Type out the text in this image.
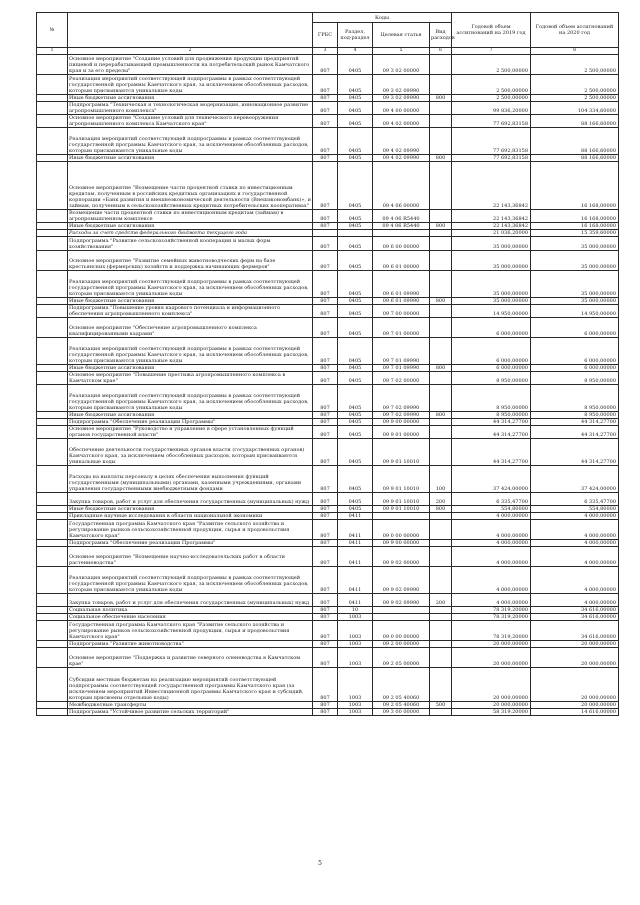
№		Коды				Годовой объем ассигнований на 2019 год	Годовой объем ассигнований на 2020 год
		ГРБС	Раздел, под-раздел	Целевая статья	Вид расходов		
1	2	3	4	5	6	7	8
	Основное мероприятие "Создание условий для продвижения продукции предприятий пищевой и перерабатывающей промышленности на потребительский рынок Камчатского края и за его пределы"	807	0405	09 3 02 00000		2 500,00000	2 500,00000
	Реализация мероприятий соответствующей подпрограммы в рамках соответствующей государственной программы Камчатского края, за исключением обособленных расходов, которым присваиваются уникальные коды	807	0405	09 3 02 09990		2 500,00000	2 500,00000
	Иные бюджетные ассигнования	807	0405	09 3 02 09990	800	2 500,00000	2 500,00000
	Подпрограмма "Техническая и технологическая модернизация, инновационное развитие агропромышленного комплекса"	807	0405	09 4 00 00000		99 836,20000	104 334,60000
	Основное мероприятие "Создание условий для технического перевооружения агропромышленного комплекса Камчатского края"	807	0405	09 4 02 00000		77 692,83158	88 166,60000
	Реализация мероприятий соответствующей подпрограммы в рамках соответствующей государственной программы Камчатского края, за исключением обособленных расходов, которым присваиваются уникальные коды	807	0405	09 4 02 09990		77 692,83158	88 166,60000
	Иные бюджетные ассигнования	807	0405	09 4 02 09990	800	77 692,83158	88 166,60000
	Основное мероприятие "Возмещение части процентной ставки по инвестиционным кредитам, полученным в российских кредитных организациях и государственной корпорации «Банк развития и внешнеэкономической деятельности (Внешэкономбанк)», и займам, полученным в сельскохозяйственных кредитных потребительских кооперативах"	807	0405	09 4 06 00000		22 143,36842	16 168,00000
	Возмещение части процентной ставки по инвестиционным кредитам (займам) в агропромышленном комплексе	807	0405	09 4 06 R5440		22 143,36842	16 168,00000
	Иные бюджетные ассигнования	807	0405	09 4 06 R5440	800	22 143,36842	16 168,00000
	Расходы за счет средств федерального бюджета текущего года					21 036,20000	15 359,60000
	Подпрограмма "Развитие сельскохозяйственной кооперации и малых форм хозяйствования"	807	0405	09 6 00 00000		35 000,00000	35 000,00000
	Основное мероприятие "Развитие семейных животноводческих ферм на базе крестьянских (фермерских) хозяйств и поддержка начинающих фермеров"	807	0405	09 6 01 00000		35 000,00000	35 000,00000
	Реализация мероприятий соответствующей подпрограммы в рамках соответствующей государственной программы Камчатского края, за исключением обособленных расходов, которым присваиваются уникальные коды	807	0405	09 6 01 09990		35 000,00000	35 000,00000
	Иные бюджетные ассигнования	807	0405	09 6 01 09990	800	35 000,00000	35 000,00000
	Подпрограмма "Повышение уровня кадрового потенциала и информационного обеспечения агропромышленного комплекса"	807	0405	09 7 00 00000		14 950,00000	14 950,00000
	Основное мероприятие "Обеспечение агропромышленного комплекса квалифицированными кадрами"	807	0405	09 7 01 00000		6 000,00000	6 000,00000
	Реализация мероприятий соответствующей подпрограммы в рамках соответствующей государственной программы Камчатского края, за исключением обособленных расходов, которым присваиваются уникальные коды	807	0405	09 7 01 09990		6 000,00000	6 000,00000
	Иные бюджетные ассигнования	807	0405	09 7 01 09990	800	6 000,00000	6 000,00000
	Основное мероприятие "Повышение престижа агропромышленного комплекса в Камчатском крае"	807	0405	09 7 02 00000		8 950,00000	8 950,00000
	Реализация мероприятий соответствующей подпрограммы в рамках соответствующей государственной программы Камчатского края, за исключением обособленных расходов, которым присваиваются уникальные коды	807	0405	09 7 02 09990		8 950,00000	8 950,00000
	Иные бюджетные ассигнования	807	0405	09 7 02 09990	800	8 950,00000	8 950,00000
	Подпрограмма "Обеспечение реализации Программы"	807	0405	09 9 00 00000		44 314,27700	44 314,27700
	Основное мероприятие "Руководство и управление в сфере установленных функций органов государственной власти"	807	0405	09 9 01 00000		44 314,27700	44 314,27700
	Обеспечение деятельности государственных органов власти (государственных органов) Камчатского края, за исключением обособленных расходов, которым присваиваются уникальные коды	807	0405	09 9 01 10010		44 314,27700	44 314,27700
	Расходы на выплаты персоналу в целях обеспечения выполнения функций государственными (муниципальными) органами, казенными учреждениями, органами управления государственными внебюджетными фондами	807	0405	09 9 01 10010	100	37 424,00000	37 424,00000
	Закупка товаров, работ и услуг для обеспечения государственных (муниципальных) нужд	807	0405	09 9 01 10010	200	6 335,47700	6 335,47700
	Иные бюджетные ассигнования	807	0405	09 9 01 10010	800	554,80000	554,80000
	Прикладные научные исследования в области национальной экономики	807	0411			4 000,00000	4 000,00000
	Государственная программа Камчатского края "Развитие сельского хозяйства и регулирование рынков сельскохозяйственной продукции, сырья и продовольствия Камчатского края"	807	0411	09 0 00 00000		4 000,00000	4 000,00000
	Подпрограмма "Обеспечение реализации Программы"	807	0411	09 9 00 00000		4 000,00000	4 000,00000
	Основное мероприятие "Возмещение научно-исследовательских работ в области растениеводства"	807	0411	09 9 02 00000		4 000,00000	4 000,00000
	Реализация мероприятий соответствующей подпрограммы в рамках соответствующей государственной программы Камчатского края, за исключением обособленных расходов, которым присваиваются уникальные коды	807	0411	09 9 02 09990		4 000,00000	4 000,00000
	Закупка товаров, работ и услуг для обеспечения государственных (муниципальных) нужд	807	0411	09 9 02 09990	200	4 000,00000	4 000,00000
	Социальная политика	807	10			78 319,20000	34 616,00000
	Социальное обеспечение населения	807	1003			78 319,20000	34 616,00000
	Государственная программа Камчатского края "Развитие сельского хозяйства и регулирование рынков сельскохозяйственной продукции, сырья и продовольствия Камчатского края"	807	1003	09 0 00 00000		78 319,20000	34 616,00000
	Подпрограмма "Развитие животноводства"	807	1003	09 2 00 00000		20 000,00000	20 000,00000
	Основное мероприятие "Поддержка и развитие северного оленеводства в Камчатском крае"	807	1003	09 2 05 00000		20 000,00000	20 000,00000
	Субсидии местным бюджетам на реализацию мероприятий соответствующей подпрограммы соответствующей государственной программы Камчатского края (за исключением мероприятий Инвестиционной программы Камчатского края и субсидий, которым присвоены отдельные коды)	807	1003	09 2 05 40060		20 000,00000	20 000,00000
	Межбюджетные трансферты	807	1003	09 2 05 40060	500	20 000,00000	20 000,00000
	Подпрограмма "Устойчивое развитие сельских территорий"	807	1003	09 3 00 00000		58 319,20000	14 616,00000
5
